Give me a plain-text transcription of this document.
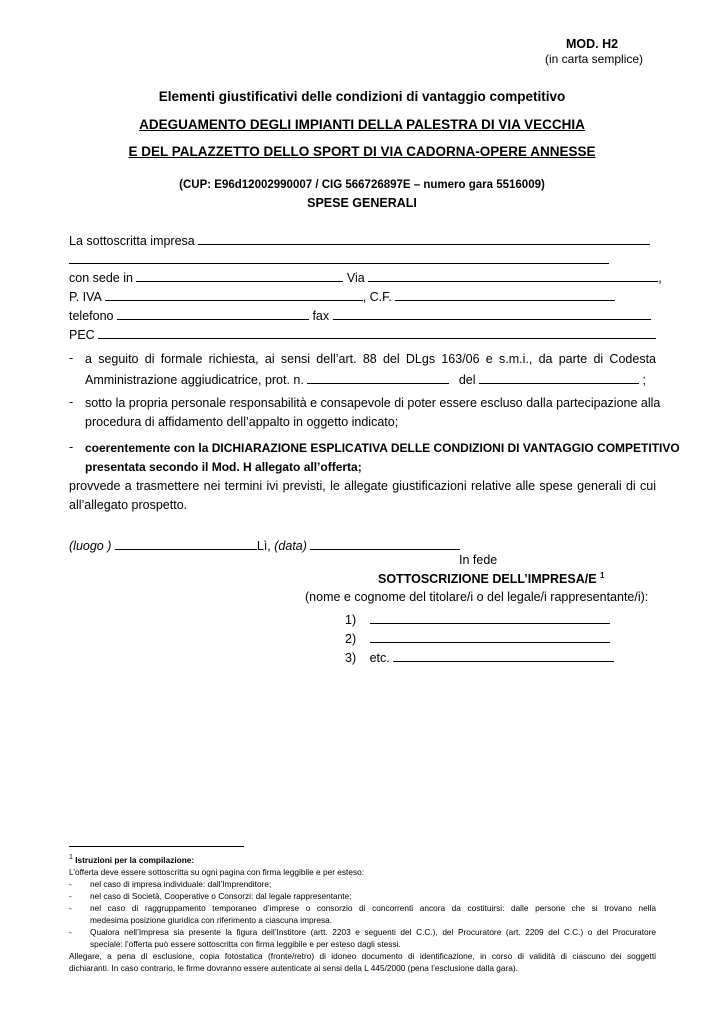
MOD. H2
(in carta semplice)
Elementi giustificativi delle condizioni di vantaggio competitivo
ADEGUAMENTO DEGLI IMPIANTI DELLA PALESTRA DI VIA VECCHIA
E DEL PALAZZETTO DELLO SPORT DI VIA CADORNA-OPERE ANNESSE
(CUP: E96d12002990007 / CIG 566726897E – numero gara 5516009)
SPESE GENERALI
La sottoscritta impresa
con sede in	Via	,
P. IVA	, C.F.
telefono	fax
PEC
- a seguito di formale richiesta, ai sensi dell’art. 88 del DLgs 163/06 e s.m.i., da parte di Codesta
Amministrazione aggiudicatrice, prot. n.	del	;
- sotto la propria personale responsabilità e consapevole di poter essere escluso dalla partecipazione alla
procedura di affidamento dell’appalto in oggetto indicato;
- coerentemente con la DICHIARAZIONE ESPLICATIVA DELLE CONDIZIONI DI VANTAGGIO COMPETITIVO
presentata secondo il Mod. H allegato all’offerta;
provvede a trasmettere nei termini ivi previsti, le allegate giustificazioni relative alle spese generali di cui
all’allegato prospetto.
(luogo )	Lì, (data)
In fede
SOTTOSCRIZIONE DELL’IMPRESA/E $^1$
(nome e cognome del titolare/i o del legale/i rappresentante/i):
1)
2)
3) etc.
$^1$ Istruzioni per la compilazione:
L’offerta deve essere sottoscritta su ogni pagina con firma leggibile e per esteso:
- nel caso di impresa individuale: dall’Imprenditore;
- nel caso di Società, Cooperative o Consorzi: dal legale rappresentante;
- nel caso di raggruppamento temporaneo d’imprese o consorzio di concorrenti ancora da costituirsi: dalle persone che si trovano nella
medesima posizione giuridica con riferimento a ciascuna impresa.
- Qualora nell’Impresa sia presente la figura dell’Institore (artt. 2203 e seguenti del C.C.), del Procuratore (art. 2209 del C.C.) o del Procuratore
speciale: l’offerta può essere sottoscritta con firma leggibile e per esteso dagli stessi.
Allegare, a pena di esclusione, copia fotostatica (fronte/retro) di idoneo documento di identificazione, in corso di validità di ciascuno dei soggetti
dichiaranti. In caso contrario, le firme dovranno essere autenticate ai sensi della L 445/2000 (pena l’esclusione dalla gara).
